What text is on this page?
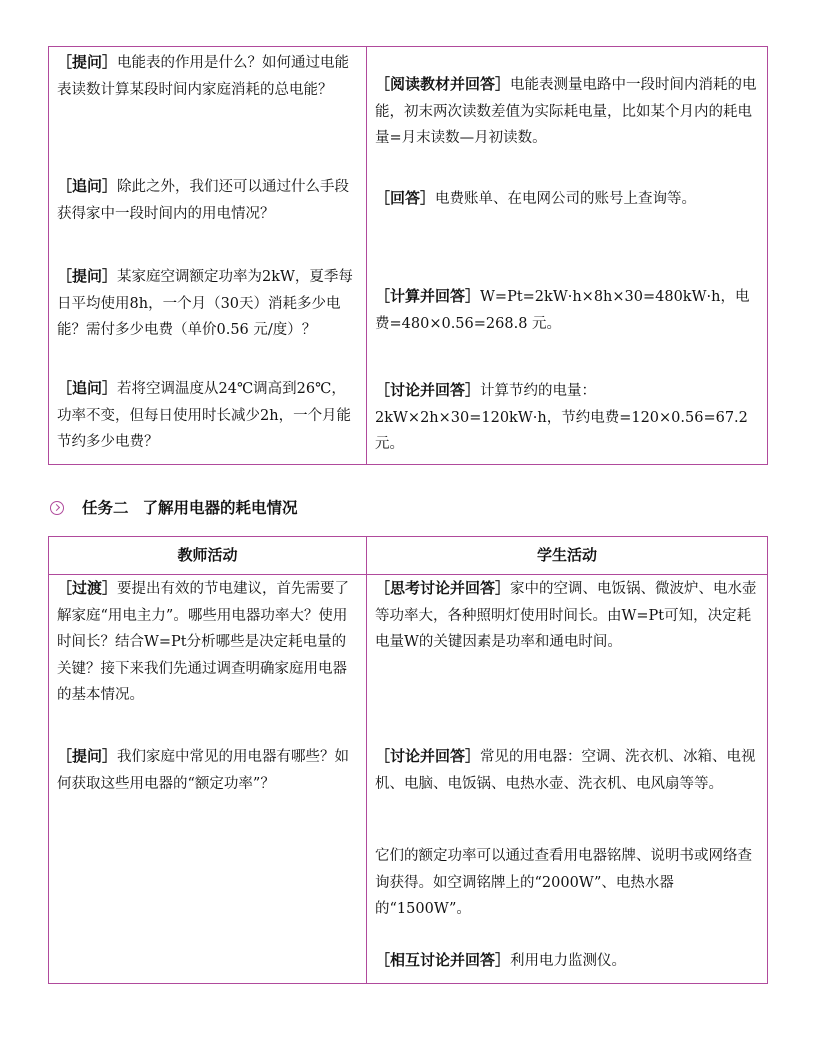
［提问］电能表的作用是什么？如何通过电能表读数计算某段时间内家庭消耗的总电能？
［追问］除此之外，我们还可以通过什么手段获得家中一段时间内的用电情况？
［提问］某家庭空调额定功率为2kW，夏季每日平均使用8h，一个月（30天）消耗多少电能？需付多少电费（单价0.56 元/度）？
［追问］若将空调温度从24℃调高到26℃，功率不变，但每日使用时长减少2h，一个月能节约多少电费？
［阅读教材并回答］电能表测量电路中一段时间内消耗的电能，初末两次读数差值为实际耗电量，比如某个月内的耗电量=月末读数—月初读数。
［回答］电费账单、在电网公司的账号上查询等。
［计算并回答］W=Pt=2kW·h×8h×30=480kW·h，电费=480×0.56=268.8 元。
［讨论并回答］计算节约的电量：2kW×2h×30=120kW·h，节约电费=120×0.56=67.2 元。
任务二 了解用电器的耗电情况
教师活动
［过渡］要提出有效的节电建议，首先需要了解家庭“用电主力”。哪些用电器功率大？使用时间长？结合W=Pt分析哪些是决定耗电量的关键？接下来我们先通过调查明确家庭用电器的基本情况。
［提问］我们家庭中常见的用电器有哪些？如何获取这些用电器的“额定功率”？
学生活动
［思考讨论并回答］家中的空调、电饭锅、微波炉、电水壶等功率大，各种照明灯使用时间长。由W=Pt可知，决定耗电量W的关键因素是功率和通电时间。
［讨论并回答］常见的用电器：空调、洗衣机、冰箱、电视机、电脑、电饭锅、电热水壶、洗衣机、电风扇等等。
它们的额定功率可以通过查看用电器铭牌、说明书或网络查询获得。如空调铭牌上的“2000W”、电热水器的“1500W”。
［相互讨论并回答］利用电力监测仪。
